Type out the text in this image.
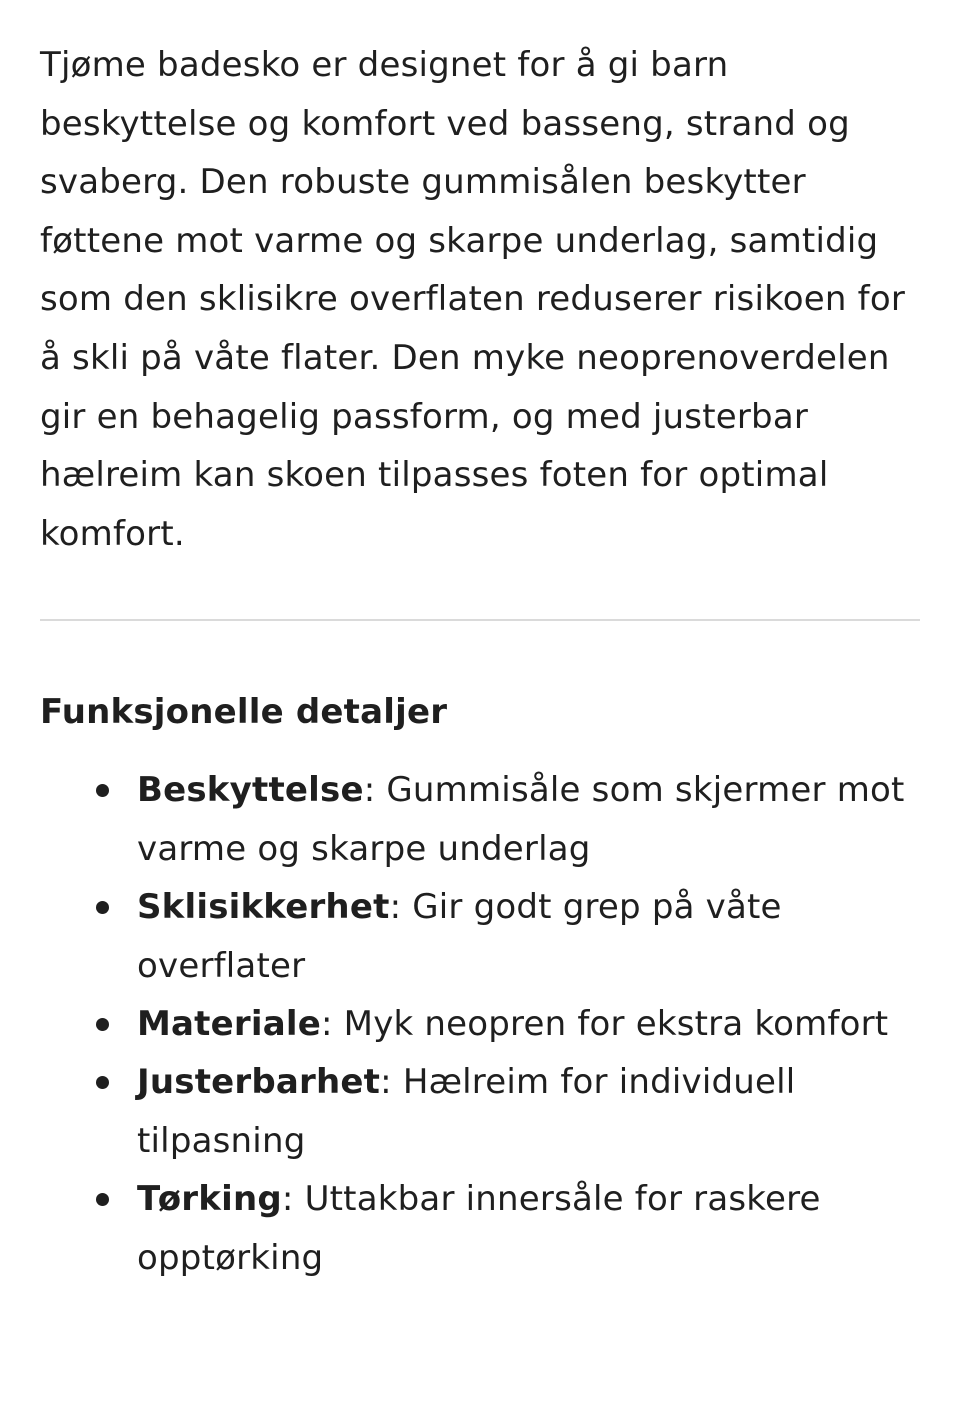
Tjøme badesko er designet for å gi barn beskyttelse og komfort ved basseng, strand og svaberg. Den robuste gummisålen beskytter føttene mot varme og skarpe underlag, samtidig som den sklisikre overflaten reduserer risikoen for å skli på våte flater. Den myke neoprenoverdelen gir en behagelig passform, og med justerbar hælreim kan skoen tilpasses foten for optimal komfort.

Funksjonelle detaljer
Beskyttelse: Gummisåle som skjermer mot varme og skarpe underlag
Sklisikkerhet: Gir godt grep på våte overflater
Materiale: Myk neopren for ekstra komfort
Justerbarhet: Hælreim for individuell tilpasning
Tørking: Uttakbar innersåle for raskere opptørking
